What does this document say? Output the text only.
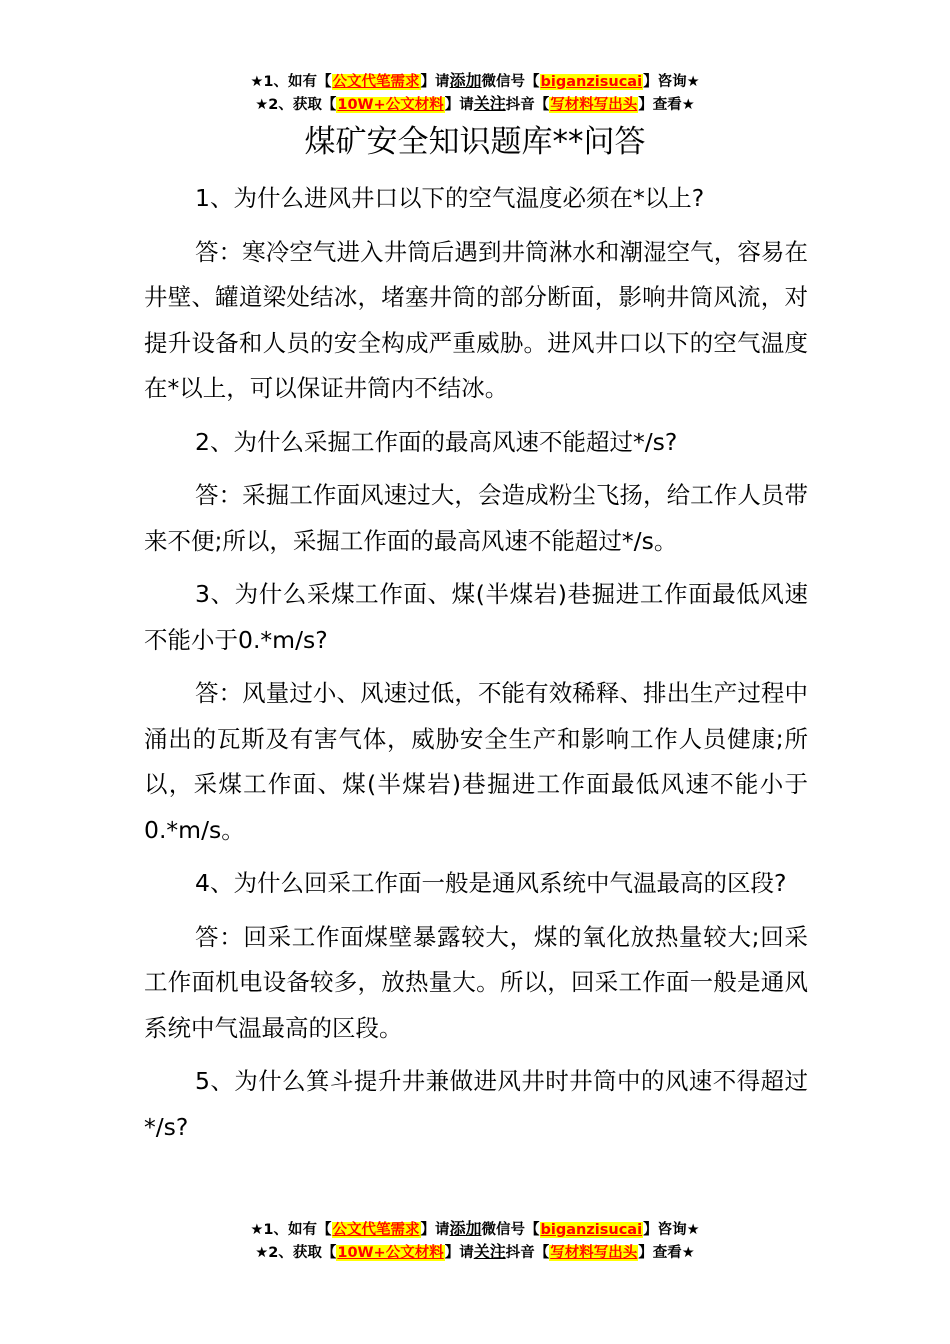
★1、如有【公文代笔需求】请添加微信号【biganzisucai】咨询★
★2、获取【10W+公文材料】请关注抖音【写材料写出头】查看★
煤矿安全知识题库**问答

1、为什么进风井口以下的空气温度必须在*以上?

答：寒冷空气进入井筒后遇到井筒淋水和潮湿空气，容易在井壁、罐道梁处结冰，堵塞井筒的部分断面，影响井筒风流，对提升设备和人员的安全构成严重威胁。进风井口以下的空气温度在*以上，可以保证井筒内不结冰。

2、为什么采掘工作面的最高风速不能超过*/s?

答：采掘工作面风速过大，会造成粉尘飞扬，给工作人员带来不便;所以，采掘工作面的最高风速不能超过*/s。

3、为什么采煤工作面、煤(半煤岩)巷掘进工作面最低风速不能小于0.*m/s?

答：风量过小、风速过低，不能有效稀释、排出生产过程中涌出的瓦斯及有害气体，威胁安全生产和影响工作人员健康;所以，采煤工作面、煤(半煤岩)巷掘进工作面最低风速不能小于0.*m/s。

4、为什么回采工作面一般是通风系统中气温最高的区段?

答：回采工作面煤壁暴露较大，煤的氧化放热量较大;回采工作面机电设备较多，放热量大。所以，回采工作面一般是通风系统中气温最高的区段。

5、为什么箕斗提升井兼做进风井时井筒中的风速不得超过*/s?

★1、如有【公文代笔需求】请添加微信号【biganzisucai】咨询★
★2、获取【10W+公文材料】请关注抖音【写材料写出头】查看★
